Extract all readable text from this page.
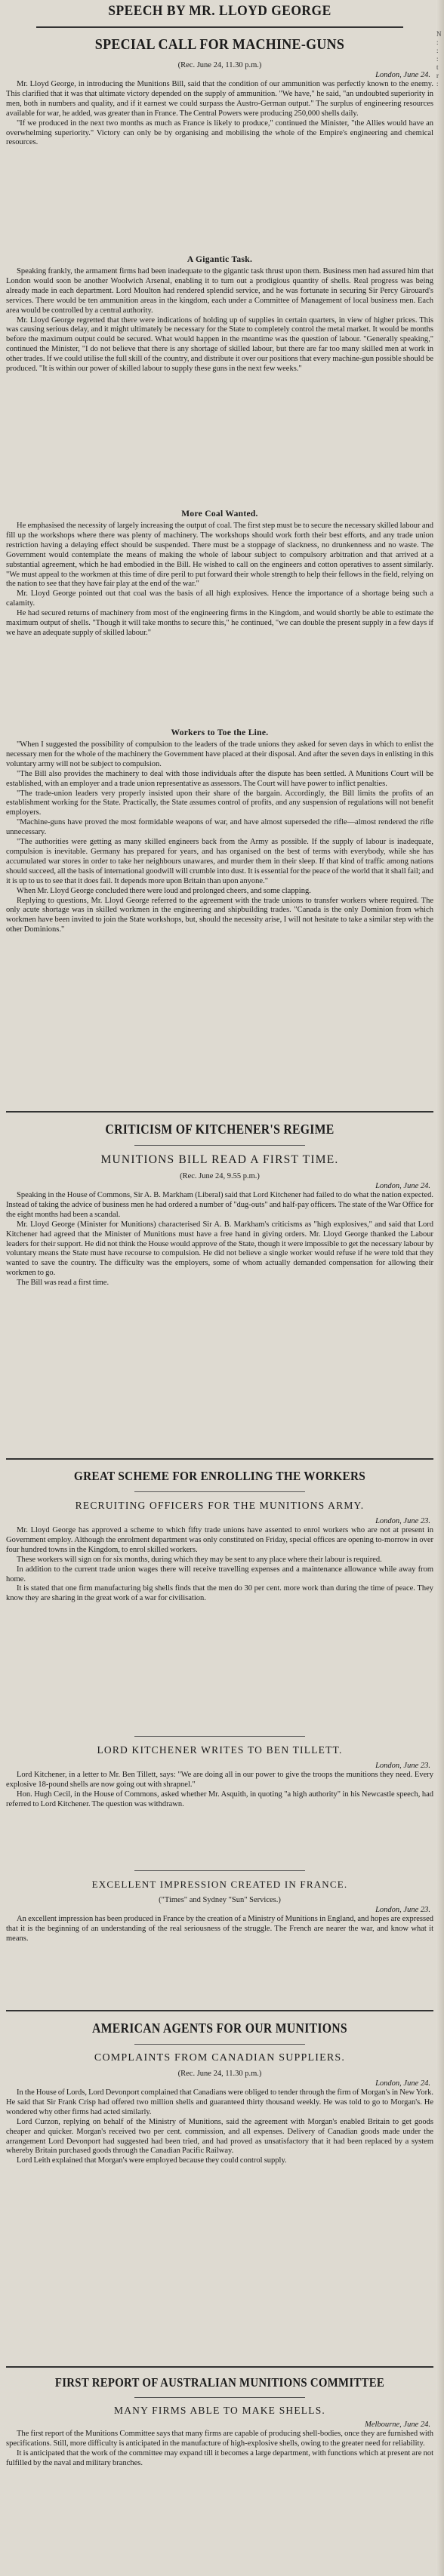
N
:
:
:
t
r
:
SPEECH BY MR. LLOYD GEORGE
SPECIAL CALL FOR MACHINE-GUNS
(Rec. June 24, 11.30 p.m.)
London, June 24.

Mr. Lloyd George, in introducing the Munitions Bill, said that the condition of our ammunition was perfectly known to the enemy. This clarified that it was that ultimate victory depended on the supply of ammunition. "We have," he said, "an undoubted superiority in men, both in numbers and quality, and if it earnest we could surpass the Austro-German output." The surplus of engineering resources available for war, he added, was greater than in France. The Central Powers were producing 250,000 shells daily.

"If we produced in the next two months as much as France is likely to produce," continued the Minister, "the Allies would have an overwhelming superiority." Victory can only be by organising and mobilising the whole of the Empire's engineering and chemical resources.

A Gigantic Task.

Speaking frankly, the armament firms had been inadequate to the gigantic task thrust upon them. Business men had assured him that London would soon be another Woolwich Arsenal, enabling it to turn out a prodigious quantity of shells. Real progress was being already made in each department. Lord Moulton had rendered splendid service, and he was fortunate in securing Sir Percy Girouard's services. There would be ten ammunition areas in the kingdom, each under a Committee of Management of local business men. Each area would be controlled by a central authority.

Mr. Lloyd George regretted that there were indications of holding up of supplies in certain quarters, in view of higher prices. This was causing serious delay, and it might ultimately be necessary for the State to completely control the metal market. It would be months before the maximum output could be secured. What would happen in the meantime was the question of labour. "Generally speaking," continued the Minister, "I do not believe that there is any shortage of skilled labour, but there are far too many skilled men at work in other trades. If we could utilise the full skill of the country, and distribute it over our positions that every machine-gun possible should be produced. "It is within our power of skilled labour to supply these guns in the next few weeks."

More Coal Wanted.

He emphasised the necessity of largely increasing the output of coal. The first step must be to secure the necessary skilled labour and fill up the workshops where there was plenty of machinery. The workshops should work forth their best efforts, and any trade union restriction having a delaying effect should be suspended. There must be a stoppage of slackness, no drunkenness and no waste. The Government would contemplate the means of making the whole of labour subject to compulsory arbitration and that arrived at a substantial agreement, which he had embodied in the Bill. He wished to call on the engineers and cotton operatives to assent similarly. "We must appeal to the workmen at this time of dire peril to put forward their whole strength to help their fellows in the field, relying on the nation to see that they have fair play at the end of the war."

Mr. Lloyd George pointed out that coal was the basis of all high explosives. Hence the importance of a shortage being such a calamity.

He had secured returns of machinery from most of the engineering firms in the Kingdom, and would shortly be able to estimate the maximum output of shells. "Though it will take months to secure this," he continued, "we can double the present supply in a few days if we have an adequate supply of skilled labour."

Workers to Toe the Line.

"When I suggested the possibility of compulsion to the leaders of the trade unions they asked for seven days in which to enlist the necessary men for the whole of the machinery the Government have placed at their disposal. And after the seven days in enlisting in this voluntary army will not be subject to compulsion.

"The Bill also provides the machinery to deal with those individuals after the dispute has been settled. A Munitions Court will be established, with an employer and a trade union representative as assessors. The Court will have power to inflict penalties.

"The trade-union leaders very properly insisted upon their share of the bargain. Accordingly, the Bill limits the profits of an establishment working for the State. Practically, the State assumes control of profits, and any suspension of regulations will not benefit employers.

"Machine-guns have proved the most formidable weapons of war, and have almost superseded the rifle—almost rendered the rifle unnecessary.

"The authorities were getting as many skilled engineers back from the Army as possible. If the supply of labour is inadequate, compulsion is inevitable. Germany has prepared for years, and has organised on the best of terms with everybody, while she has accumulated war stores in order to take her neighbours unawares, and murder them in their sleep. If that kind of traffic among nations should succeed, all the basis of international goodwill will crumble into dust. It is essential for the peace of the world that it shall fail; and it is up to us to see that it does fail. It depends more upon Britain than upon anyone."

When Mr. Lloyd George concluded there were loud and prolonged cheers, and some clapping.

Replying to questions, Mr. Lloyd George referred to the agreement with the trade unions to transfer workers where required. The only acute shortage was in skilled workmen in the engineering and shipbuilding trades. "Canada is the only Dominion from which workmen have been invited to join the State workshops, but, should the necessity arise, I will not hesitate to take a similar step with the other Dominions."

CRITICISM OF KITCHENER'S REGIME
MUNITIONS BILL READ A FIRST TIME.
(Rec. June 24, 9.55 p.m.)
London, June 24.

Speaking in the House of Commons, Sir A. B. Markham (Liberal) said that Lord Kitchener had failed to do what the nation expected. Instead of taking the advice of business men he had ordered a number of "dug-outs" and half-pay officers. The state of the War Office for the eight months had been a scandal.

Mr. Lloyd George (Minister for Munitions) characterised Sir A. B. Markham's criticisms as "high explosives," and said that Lord Kitchener had agreed that the Minister of Munitions must have a free hand in giving orders. Mr. Lloyd George thanked the Labour leaders for their support. He did not think the House would approve of the State, though it were impossible to get the necessary labour by voluntary means the State must have recourse to compulsion. He did not believe a single worker would refuse if he were told that they wanted to save the country. The difficulty was the employers, some of whom actually demanded compensation for allowing their workmen to go.

The Bill was read a first time.

GREAT SCHEME FOR ENROLLING THE WORKERS
RECRUITING OFFICERS FOR THE MUNITIONS ARMY.
London, June 23.

Mr. Lloyd George has approved a scheme to which fifty trade unions have assented to enrol workers who are not at present in Government employ. Although the enrolment department was only constituted on Friday, special offices are opening to-morrow in over four hundred towns in the Kingdom, to enrol skilled workers.

These workers will sign on for six months, during which they may be sent to any place where their labour is required.

In addition to the current trade union wages there will receive travelling expenses and a maintenance allowance while away from home.

It is stated that one firm manufacturing big shells finds that the men do 30 per cent. more work than during the time of peace. They know they are sharing in the great work of a war for civilisation.

LORD KITCHENER WRITES TO BEN TILLETT.
London, June 23.

Lord Kitchener, in a letter to Mr. Ben Tillett, says: "We are doing all in our power to give the troops the munitions they need. Every explosive 18-pound shells are now going out with shrapnel."

Hon. Hugh Cecil, in the House of Commons, asked whether Mr. Asquith, in quoting "a high authority" in his Newcastle speech, had referred to Lord Kitchener. The question was withdrawn.

EXCELLENT IMPRESSION CREATED IN FRANCE.
("Times" and Sydney "Sun" Services.)
London, June 23.

An excellent impression has been produced in France by the creation of a Ministry of Munitions in England, and hopes are expressed that it is the beginning of an understanding of the real seriousness of the struggle. The French are nearer the war, and know what it means.

AMERICAN AGENTS FOR OUR MUNITIONS
COMPLAINTS FROM CANADIAN SUPPLIERS.
(Rec. June 24, 11.30 p.m.)
London, June 24.

In the House of Lords, Lord Devonport complained that Canadians were obliged to tender through the firm of Morgan's in New York. He said that Sir Frank Crisp had offered two million shells and guaranteed thirty thousand weekly. He was told to go to Morgan's. He wondered why other firms had acted similarly.

Lord Curzon, replying on behalf of the Ministry of Munitions, said the agreement with Morgan's enabled Britain to get goods cheaper and quicker. Morgan's received two per cent. commission, and all expenses. Delivery of Canadian goods made under the arrangement Lord Devonport had suggested had been tried, and had proved as unsatisfactory that it had been replaced by a system whereby Britain purchased goods through the Canadian Pacific Railway.

Lord Leith explained that Morgan's were employed because they could control supply.

FIRST REPORT OF AUSTRALIAN MUNITIONS COMMITTEE
MANY FIRMS ABLE TO MAKE SHELLS.
Melbourne, June 24.

The first report of the Munitions Committee says that many firms are capable of producing shell-bodies, once they are furnished with specifications. Still, more difficulty is anticipated in the manufacture of high-explosive shells, owing to the greater need for reliability.

It is anticipated that the work of the committee may expand till it becomes a large department, with functions which at present are not fulfilled by the naval and military branches.
